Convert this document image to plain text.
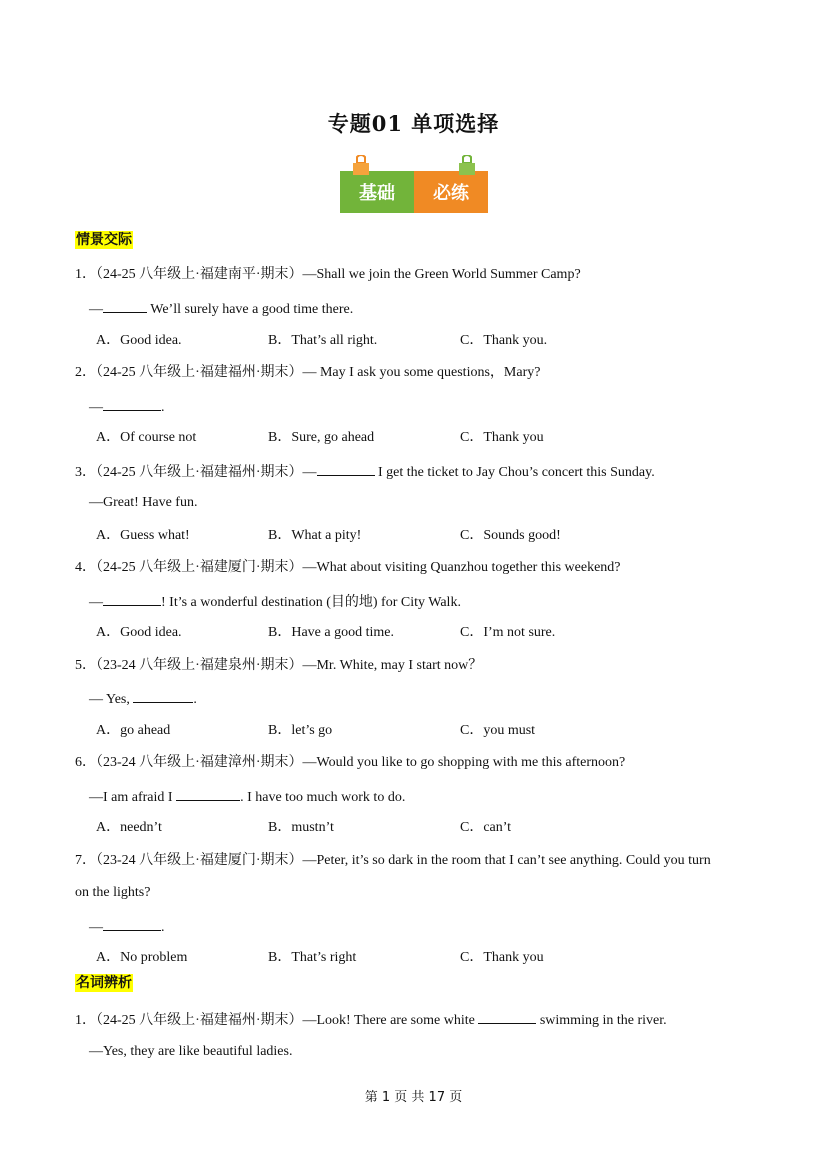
专题01 单项选择
基础	必练
情景交际
1．（24-25 八年级上·福建南平·期末）—Shall we join the Green World Summer Camp?
—	We’ll surely have a good time there.
A．Good idea.	B．That’s all right.	C．Thank you.
2．（24-25 八年级上·福建福州·期末）— May I ask you some questions，Mary?
—	.
A．Of course not	B．Sure, go ahead	C．Thank you
3．（24-25 八年级上·福建福州·期末）—	I get the ticket to Jay Chou’s concert this Sunday.
—Great! Have fun.
A．Guess what!	B．What a pity!	C．Sounds good!
4．（24-25 八年级上·福建厦门·期末）—What about visiting Quanzhou together this weekend?
—	! It’s a wonderful destination (目的地) for City Walk.
A．Good idea.	B．Have a good time.	C．I’m not sure.
5．（23-24 八年级上·福建泉州·期末）—Mr. White, may I start now？
— Yes,	.
A．go ahead	B．let’s go	C．you must
6．（23-24 八年级上·福建漳州·期末）—Would you like to go shopping with me this afternoon?
—I am afraid I	. I have too much work to do.
A．needn’t	B．mustn’t	C．can’t
7．（23-24 八年级上·福建厦门·期末）—Peter, it’s so dark in the room that I can’t see anything. Could you turn
on the lights?
—	.
A．No problem	B．That’s right	C．Thank you
名词辨析
1．（24-25 八年级上·福建福州·期末）—Look! There are some white	swimming in the river.
—Yes, they are like beautiful ladies.
第 1 页 共 17 页
